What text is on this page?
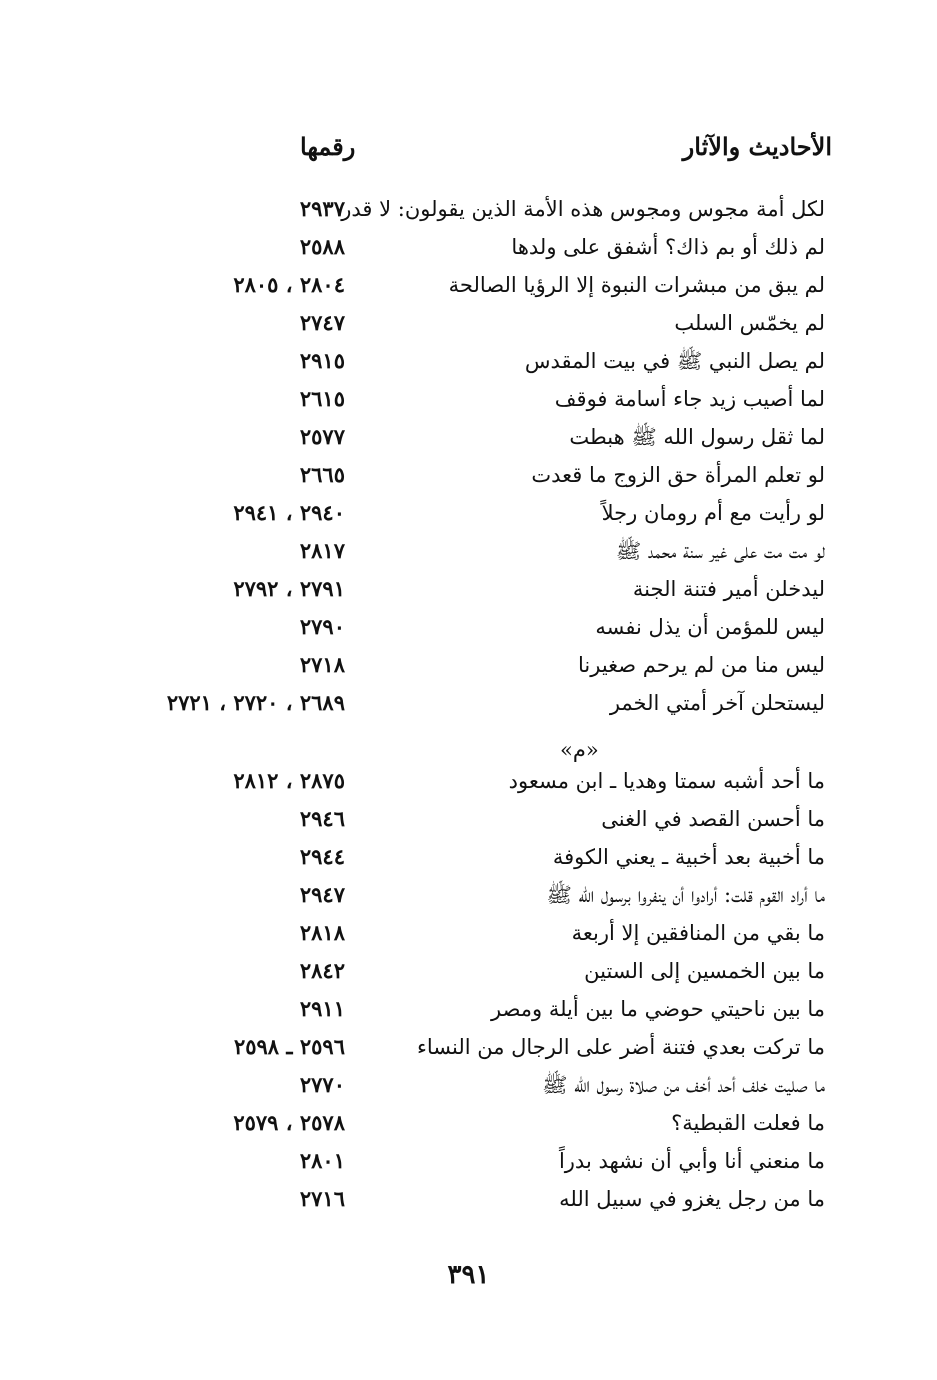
الأحاديث والآثار
رقمها
لكل أمة مجوس ومجوس هذه الأمة الذين يقولون: لا قدر
٢٩٣٧
لم ذلك أو بم ذاك؟ أشفق على ولدها
٢٥٨٨
لم يبق من مبشرات النبوة إلا الرؤيا الصالحة
٢٨٠٤ ، ٢٨٠٥
لم يخمّس السلب
٢٧٤٧
لم يصل النبي ﷺ في بيت المقدس
٢٩١٥
لما أصيب زيد جاء أسامة فوقف
٢٦١٥
لما ثقل رسول الله ﷺ هبطت
٢٥٧٧
لو تعلم المرأة حق الزوج ما قعدت
٢٦٦٥
لو رأيت مع أم رومان رجلاً
٢٩٤٠ ، ٢٩٤١
لو مت مت على غير سنة محمد ﷺ
٢٨١٧
ليدخلن أمير فتنة الجنة
٢٧٩١ ، ٢٧٩٢
ليس للمؤمن أن يذل نفسه
٢٧٩٠
ليس منا من لم يرحم صغيرنا
٢٧١٨
ليستحلن آخر أمتي الخمر
٢٦٨٩ ، ٢٧٢٠ ، ٢٧٢١
«م»
ما أحد أشبه سمتا وهديا ـ ابن مسعود
٢٨٧٥ ، ٢٨١٢
ما أحسن القصد في الغنى
٢٩٤٦
ما أخبية بعد أخبية ـ يعني الكوفة
٢٩٤٤
ما أراد القوم قلت: أرادوا أن ينفروا برسول الله ﷺ
٢٩٤٧
ما بقي من المنافقين إلا أربعة
٢٨١٨
ما بين الخمسين إلى الستين
٢٨٤٢
ما بين ناحيتي حوضي ما بين أيلة ومصر
٢٩١١
ما تركت بعدي فتنة أضر على الرجال من النساء
٢٥٩٦ ـ ٢٥٩٨
ما صليت خلف أحد أخف من صلاة رسول الله ﷺ
٢٧٧٠
ما فعلت القبطية؟
٢٥٧٨ ، ٢٥٧٩
ما منعني أنا وأبي أن نشهد بدراً
٢٨٠١
ما من رجل يغزو في سبيل الله
٢٧١٦
٣٩١
